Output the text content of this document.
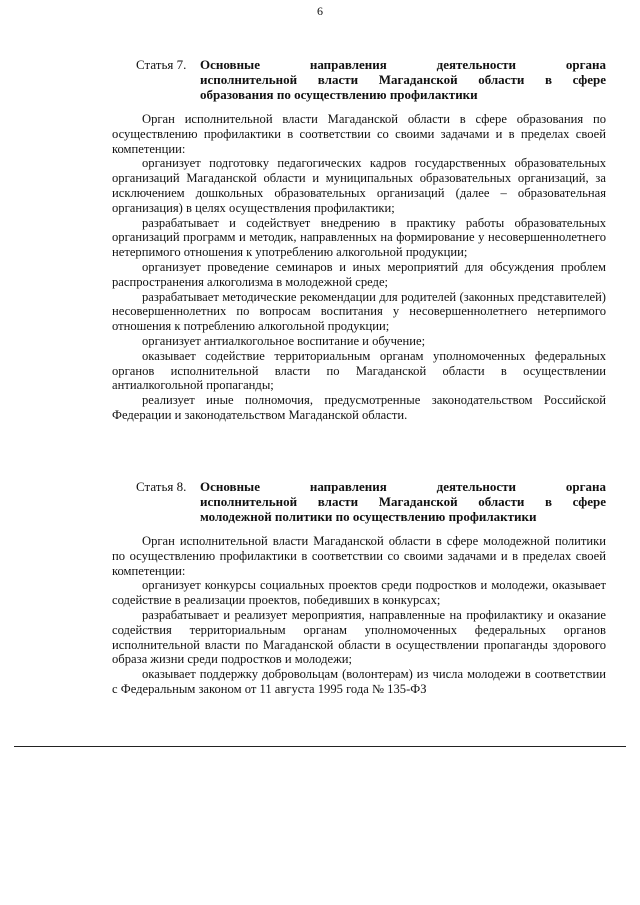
6
Статья 7. Основные направления деятельности органа
исполнительной власти Магаданской области в сфере
образования по осуществлению профилактики

Орган исполнительной власти Магаданской области в сфере образования по осуществлению профилактики в соответствии со своими задачами и в пределах своей компетенции:

организует подготовку педагогических кадров государственных образовательных организаций Магаданской области и муниципальных образовательных организаций, за исключением дошкольных образовательных организаций (далее – образовательная организация) в целях осуществления профилактики;

разрабатывает и содействует внедрению в практику работы образовательных организаций программ и методик, направленных на формирование у несовершеннолетнего нетерпимого отношения к употреблению алкогольной продукции;

организует проведение семинаров и иных мероприятий для обсуждения проблем распространения алкоголизма в молодежной среде;

разрабатывает методические рекомендации для родителей (законных представителей) несовершеннолетних по вопросам воспитания у несовершеннолетнего нетерпимого отношения к потреблению алкогольной продукции;

организует антиалкогольное воспитание и обучение;

оказывает содействие территориальным органам уполномоченных федеральных органов исполнительной власти по Магаданской области в осуществлении антиалкогольной пропаганды;

реализует иные полномочия, предусмотренные законодательством Российской Федерации и законодательством Магаданской области.

Статья 8. Основные направления деятельности органа
исполнительной власти Магаданской области в сфере
молодежной политики по осуществлению профилактики

Орган исполнительной власти Магаданской области в сфере молодежной политики по осуществлению профилактики в соответствии со своими задачами и в пределах своей компетенции:

организует конкурсы социальных проектов среди подростков и молодежи, оказывает содействие в реализации проектов, победивших в конкурсах;

разрабатывает и реализует мероприятия, направленные на профилактику и оказание содействия территориальным органам уполномоченных федеральных органов исполнительной власти по Магаданской области в осуществлении пропаганды здорового образа жизни среди подростков и молодежи;

оказывает поддержку добровольцам (волонтерам) из числа молодежи в соответствии с Федеральным законом от 11 августа 1995 года № 135-ФЗ
